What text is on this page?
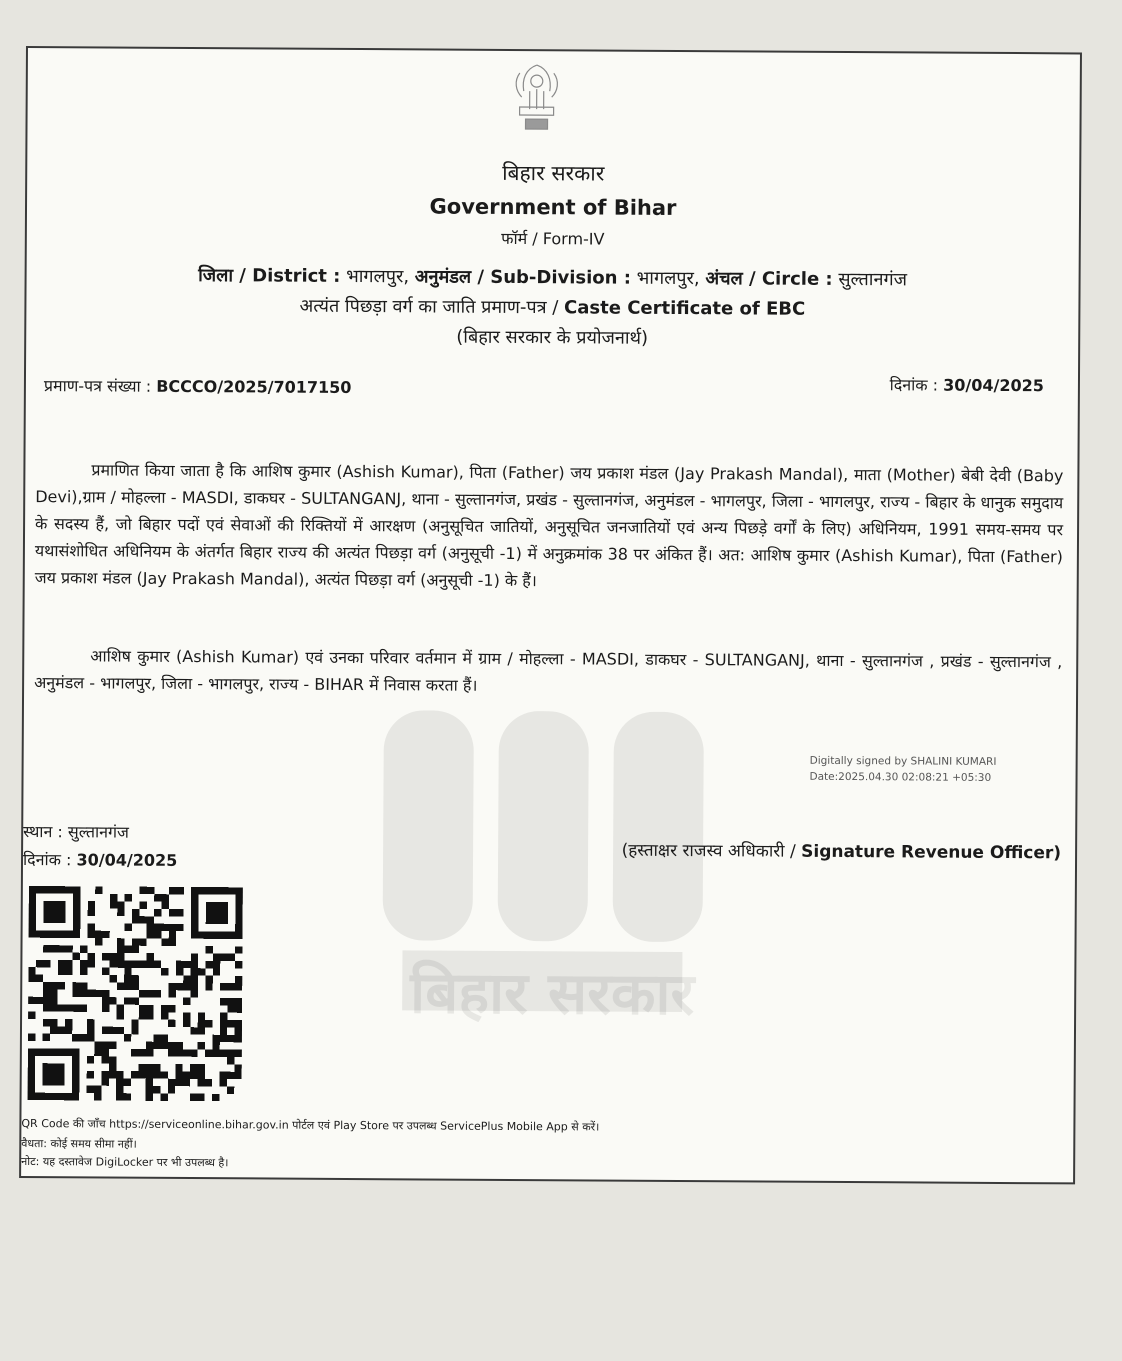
बिहार सरकार
बिहार सरकार
Government of Bihar
फॉर्म / Form-IV
जिला / District : भागलपुर, अनुमंडल / Sub-Division : भागलपुर, अंचल / Circle : सुल्तानगंज
अत्यंत पिछड़ा वर्ग का जाति प्रमाण-पत्र / Caste Certificate of EBC
(बिहार सरकार के प्रयोजनार्थ)
प्रमाण-पत्र संख्या : BCCCO/2025/7017150	दिनांक : 30/04/2025
प्रमाणित किया जाता है कि आशिष कुमार (Ashish Kumar), पिता (Father) जय प्रकाश मंडल (Jay Prakash Mandal), माता (Mother) बेबी देवी (Baby Devi),ग्राम / मोहल्ला - MASDI, डाकघर - SULTANGANJ, थाना - सुल्तानगंज, प्रखंड - सुल्तानगंज, अनुमंडल - भागलपुर, जिला - भागलपुर, राज्य - बिहार के धानुक समुदाय के सदस्य हैं, जो बिहार पदों एवं सेवाओं की रिक्तियों में आरक्षण (अनुसूचित जातियों, अनुसूचित जनजातियों एवं अन्य पिछड़े वर्गों के लिए) अधिनियम, 1991 समय-समय पर यथासंशोधित अधिनियम के अंतर्गत बिहार राज्य की अत्यंत पिछड़ा वर्ग (अनुसूची -1) में अनुक्रमांक 38 पर अंकित हैं। अत: आशिष कुमार (Ashish Kumar), पिता (Father) जय प्रकाश मंडल (Jay Prakash Mandal), अत्यंत पिछड़ा वर्ग (अनुसूची -1) के हैं।
आशिष कुमार (Ashish Kumar) एवं उनका परिवार वर्तमान में ग्राम / मोहल्ला - MASDI, डाकघर - SULTANGANJ, थाना - सुल्तानगंज , प्रखंड - सुल्तानगंज , अनुमंडल - भागलपुर, जिला - भागलपुर, राज्य - BIHAR में निवास करता हैं।
Digitally signed by SHALINI KUMARI
Date:2025.04.30 02:08:21 +05:30
स्थान : सुल्तानगंज
दिनांक : 30/04/2025	(हस्ताक्षर राजस्व अधिकारी / Signature Revenue Officer)
QR Code की जाँच https://serviceonline.bihar.gov.in पोर्टल एवं Play Store पर उपलब्ध ServicePlus Mobile App से करें।
वैधता: कोई समय सीमा नहीं।
नोट: यह दस्तावेज DigiLocker पर भी उपलब्ध है।
